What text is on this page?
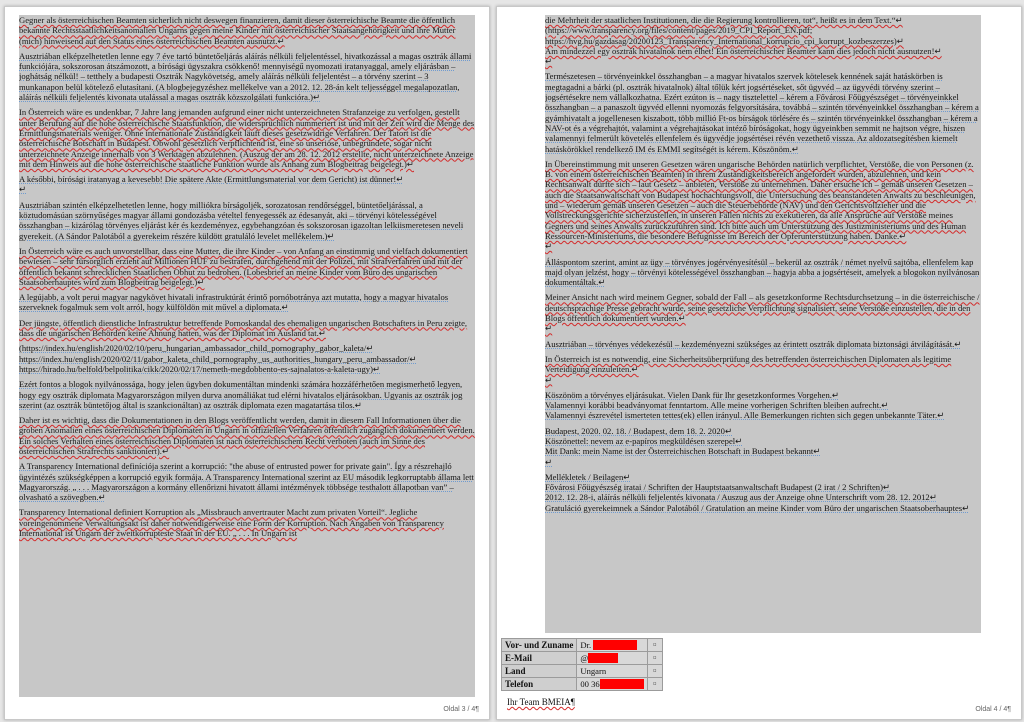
Gegner als österreichischen Beamten sicherlich nicht deswegen finanzieren, damit dieser österreichische Beamte die öffentlich bekannte Rechtsstaatlichkeitsanomalien Ungarns gegen meine Kinder mit österreichischer Staatsangehörigkeit und ihre Mutter (mich) hinweisend auf den Status eines österreichischen Beamten ausnutzt.↵

Ausztriában elképzelhetetlen lenne egy 7 éve tartó büntetőeljárás aláírás nélküli feljelentéssel, hivatkozással a magas osztrák állami funkciójára, sokszorosan átszámozott, a bírósági ügyszakra csökkenő! mennyiségű nyomozati iratanyaggal, amely eljárásban – joghátság nélkül! – tetthely a budapesti Osztrák Nagykövetség, amely aláírás nélküli feljelentést – a törvény szerint – 3 munkanapon belül kötelező elutasítani. (A blogbejegyzéshez mellékelve van a 2012. 12. 28-án kelt teljességgel megalapozatlan, aláírás nélküli feljelentés kivonata utalással a magas osztrák közszolgálati funkcióra.)↵

In Österreich wäre es undenkbar, 7 Jahre lang jemanden aufgrund einer nicht unterzeichneten Strafanzeige zu verfolgen, gestellt unter Berufung auf die hohe österreichische Staatsfunktion, die widersprüchlich nummeriert ist und mit der Zeit wird die Menge des Ermittlungsmaterials weniger. Ohne internationale Zuständigkeit läuft dieses gesetzwidrige Verfahren. Der Tatort ist die österreichische Botschaft in Budapest. Obwohl gesetzlich verpflichtend ist, eine so unseriöse, unbegründete, sogar nicht unterzeichnete Anzeige innerhalb von 3 Werktagen abzulehnen. (Auszug der am 28. 12. 2012 erstellte, nicht unterzeichnete Anzeige mit dem Hinweis auf die hohe österreichische staatliche Funktion wurde als Anhang zum Blogbeitrag beigelegt.)↵

A későbbi, bírósági iratanyag a kevesebb! Die spätere Akte (Ermittlungsmaterial vor dem Gericht) ist dünner!↵
↵

Ausztriában szintén elképzelhetetlen lenne, hogy milliókra bírságoljék, sorozatosan rendőrséggel, büntetőeljárással, a köztudomásúan szörnyűséges magyar állami gondozásba vételtel fenyegessék az édesanyát, aki – törvényi kötelességével összhangban – kizárólag törvényes eljárást kér és kezdeményez, egybehangzóan és sokszorosan igazoltan lelkiismeretesen neveli gyerekeit. (A Sándor Palotából a gyerekeim részére küldött gratuláló levelet mellékelem.)↵

In Österreich wäre es auch unvorstellbar, dass eine Mutter, die ihre Kinder – von Anfang an einstimmig und vielfach dokumentiert bewiesen – sehr fürsorglich erzieht auf Millionen HUF zu bestrafen, durchgehend mit der Polizei, mit Strafverfahren und mit der öffentlich bekannt schrecklichen Staatlichen Obhut zu bedrohen. (Lobesbrief an meine Kinder vom Büro des ungarischen Staatsoberhauptes wird zum Blogbeitrag beigelegt.)↵

A legújabb, a volt perui magyar nagykövet hivatali infrastruktúrát érintő pornóbotránya azt mutatta, hogy a magyar hivatalos szerveknek fogalmuk sem volt arról, hogy külföldön mit művel a diplomata.↵

Der jüngste, öffentlich dienstliche Infrastruktur betreffende Pornoskandal des ehemaligen ungarischen Botschafters in Peru zeigte, dass die ungarischen Behörden keine Ahnung hatten, was der Diplomat im Ausland tat.↵

(https://index.hu/english/2020/02/10/peru_hungarian_ambassador_child_pornography_gabor_kaleta/↵
https://index.hu/english/2020/02/11/gabor_kaleta_child_pornography_us_authorities_hungary_peru_ambassador/↵
https://hirado.hu/belfold/belpolitika/cikk/2020/02/17/nemeth-megdobbento-es-sajnalatos-a-kaleta-ugy)↵

Ezért fontos a blogok nyilvánossága, hogy jelen ügyben dokumentáltan mindenki számára hozzáférhetően megismerhető legyen, hogy egy osztrák diplomata Magyarországon milyen durva anomáliákat tud elérni hivatalos eljárásokban. Ugyanis az osztrák jog szerint (az osztrák büntetőjog által is szankcionáltan) az osztrák diplomata ezen magatartása tilos.↵

Daher ist es wichtig, dass die Dokumentationen in den Blogs veröffentlicht werden, damit in diesem Fall Informationen über die groben Anomalien eines österreichischen Diplomaten in Ungarn in offiziellen Verfahren öffentlich zugänglich dokumentiert werden. Ein solches Verhalten eines österreichischen Diplomaten ist nach österreichischem Recht verboten (auch im Sinne des österreichischen Strafrechts sanktioniert).↵

A Transparency International definíciója szerint a korrupció: "the abuse of entrusted power for private gain". Így a részrehajló ügyintézés szükségképpen a korrupció egyik formája. A Transparency International szerint az EU második legkorruptabb állama lett Magyarország. „ . . . Magyarországon a kormány ellenőrizni hivatott állami intézmények többsége testhalott állapotban van” – olvasható a szövegben.↵

Transparency International definiert Korruption als „Missbrauch anvertrauter Macht zum privaten Vorteil“. Jegliche voreingenommene Verwaltungsakt ist daher notwendigerweise eine Form der Korruption. Nach Angaben von Transparency International ist Ungarn der zweitkorrupteste Staat in der EU. „ . . . In Ungarn ist

Oldal 3 / 4¶

die Mehrheit der staatlichen Institutionen, die die Regierung kontrollieren, tot“, heißt es in dem Text.“↵
(https://www.transparency.org/files/content/pages/2019_CPI_Report_EN.pdf;
https://hvg.hu/gazdasag/20200123_Transparency_International_korrupcio_cpi_korrupt_kozbeszerzes)↵
Am mindezzel egy osztrák hivatalnok nem élhet! Ein österreichischer Beamter kann dies jedoch nicht ausnutzen!↵
↵

Természetesen – törvényeinkkel összhangban – a magyar hivatalos szervek kötelesek kennének saját hatáskörben is megtagadni a bárki (pl. osztrák hivatalnok) által tőlük kért jogsértéseket, sőt ügyvéd – az ügyvédi törvény szerint – jogsértésekre nem vállalkozhatna. Ezért ezúton is – nagy tisztelettel – kérem a Fővárosi Főügyészséget – törvényeinkkel összhangban – a panaszolt ügyvéd ellenni nyomozás felgyorsítására, továbbá – szintén törvényeinkkel összhangban – kérem a gyámhivatalt a jogellenesen kiszabott, több millió Ft-os bírságok törlésére és – szintén törvényeinkkel összhangban – kérem a NAV-ot és a végrehajtót, valamint a végrehajtásokat intéző bíróságokat, hogy ügyeinkben semmit ne hajtson végre, hiszen valamennyi felmerült követelés ellenfelem és ügyvédje jogsértései révén vezethető vissza. Az aldozatsegítésben kiemelt hatáskörökkel rendelkező IM és EMMI segítségét is kérem. Köszönöm.↵

In Übereinstimmung mit unseren Gesetzen wären ungarische Behörden natürlich verpflichtet, Verstöße, die von Personen (z. B. von einem österreichischen Beamten) in ihrem Zuständigkeitsbereich angefordert wurden, abzulehnen, und kein Rechtsanwalt dürfte sich – laut Gesetz – anbieten, Verstöße zu unternehmen. Daher ersuche ich – gemäß unseren Gesetzen – auch die Staatsanwaltschaft von Budapest hochachtungsvoll, die Untersuchung des beanstandeten Anwalts zu beschleunigen, und – wiederum gemäß unseren Gesetzen – auch die Steuerbehörde (NAV) und den Gerichtsvollzieher und die Vollstreckungsgerichte sicherzustellen, in unseren Fällen nichts zu exekutieren, da alle Ansprüche auf Verstöße meines Gegners und seines Anwalts zurückzuführen sind. Ich bitte auch um Unterstützung des Justizministeriums und des Human Ressourcen-Ministeriums, die besondere Befugnisse im Bereich der Opferunterstützung haben. Danke.↵
↵

Álláspontom szerint, amint az ügy – törvényes jogérvényesítésül – bekerül az osztrák / német nyelvű sajtóba, ellenfelem kap majd olyan jelzést, hogy – törvényi kötelességével összhangban – hagyja abba a jogsértéseit, amelyek a blogokon nyilvánosan dokumentáltak.↵

Meiner Ansicht nach wird meinem Gegner, sobald der Fall – als gesetzkonforme Rechtsdurchsetzung – in die österreichische / deutschsprachige Presse gebracht wurde, seine gesetzliche Verpflichtung signalisiert, seine Verstöße einzustellen, die in den Blogs öffentlich dokumentiert wurden.↵
↵

Ausztriában – törvényes védekezésül – kezdeményezni szükséges az érintett osztrák diplomata biztonsági átvilágítását.↵

In Österreich ist es notwendig, eine Sicherheitsüberprüfung des betreffenden österreichischen Diplomaten als legitime Verteidigung einzuleiten.↵
↵

Köszönöm a törvényes eljárásukat. Vielen Dank für Ihr gesetzkonformes Vorgehen.↵
Valamennyi korábbi beadványomat fenntartom. Alle meine vorherigen Schriften bleiben aufrecht.↵
Valamennyi észrevétel ismerteten tettes(ek) ellen irányul. Alle Bemerkungen richten sich gegen unbekannte Täter.↵

Budapest, 2020. 02. 18. / Budapest, dem 18. 2. 2020↵
Köszönettel: nevem az e-papíros megküldésen szerepel↵
Mit Dank: mein Name ist der Österreichischen Botschaft in Budapest bekannt↵
↵

Mellékletek / Beilagen↵
Fővárosi Főügyészség iratai / Schriften der Hauptstaatsanwaltschaft Budapest (2 irat / 2 Schriften)↵
2012. 12. 28-i, aláírás nélküli feljelentés kivonata / Auszug aus der Anzeige ohne Unterschrift vom 28. 12. 2012↵
Gratuláció gyerekeimnek a Sándor Palotából / Gratulation an meine Kinder vom Büro der ungarischen Staatsoberhauptes↵

Vor- und Zuname	Dr.	¤
E-Mail	@	¤
Land	Ungarn	¤
Telefon	00 36	¤
Ihr Team BMEIA¶
Oldal 4 / 4¶
